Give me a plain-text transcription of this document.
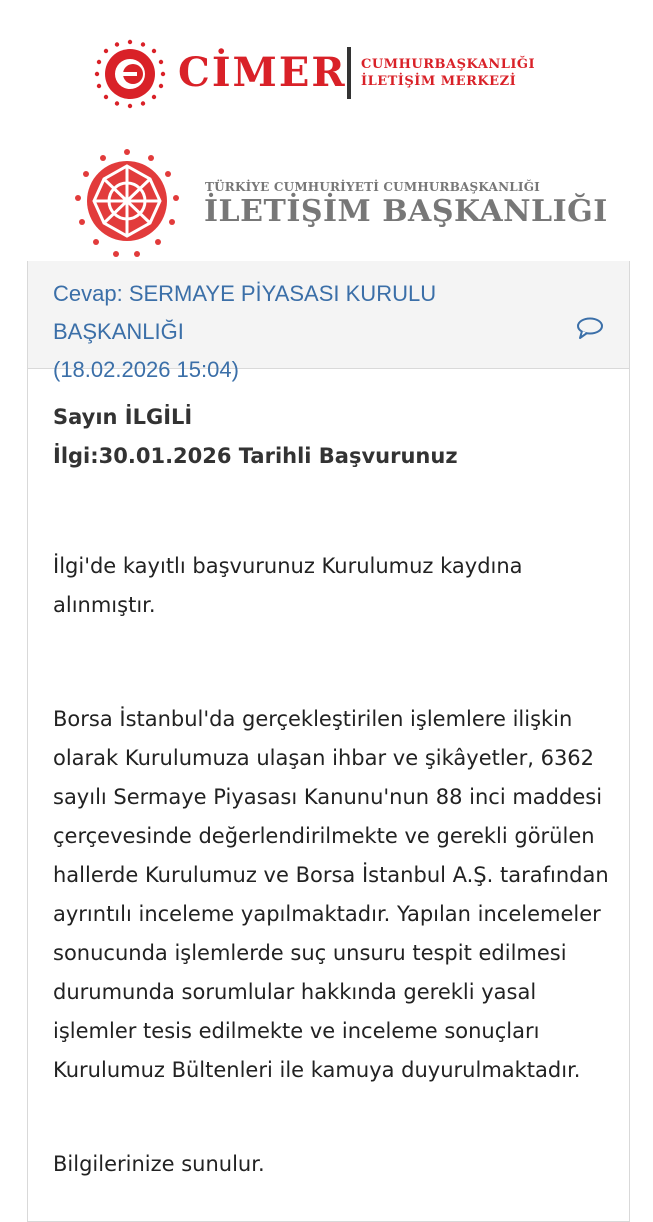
CİMER CUMHURBAŞKANLIĞI
İLETİŞİM MERKEZİ
TÜRKİYE CUMHURİYETİ CUMHURBAŞKANLIĞI
İLETİŞİM BAŞKANLIĞI
Cevap: SERMAYE PİYASASI KURULU BAŞKANLIĞI
(18.02.2026 15:04)
Sayın İLGİLİ
İlgi:30.01.2026 Tarihli Başvurunuz

İlgi'de kayıtlı başvurunuz Kurulumuz kaydına alınmıştır.

Borsa İstanbul'da gerçekleştirilen işlemlere ilişkin olarak Kurulumuza ulaşan ihbar ve şikâyetler, 6362 sayılı Sermaye Piyasası Kanunu'nun 88 inci maddesi çerçevesinde değerlendirilmekte ve gerekli görülen hallerde Kurulumuz ve Borsa İstanbul A.Ş. tarafından ayrıntılı inceleme yapılmaktadır. Yapılan incelemeler sonucunda işlemlerde suç unsuru tespit edilmesi durumunda sorumlular hakkında gerekli yasal işlemler tesis edilmekte ve inceleme sonuçları Kurulumuz Bültenleri ile kamuya duyurulmaktadır.

Bilgilerinize sunulur.
